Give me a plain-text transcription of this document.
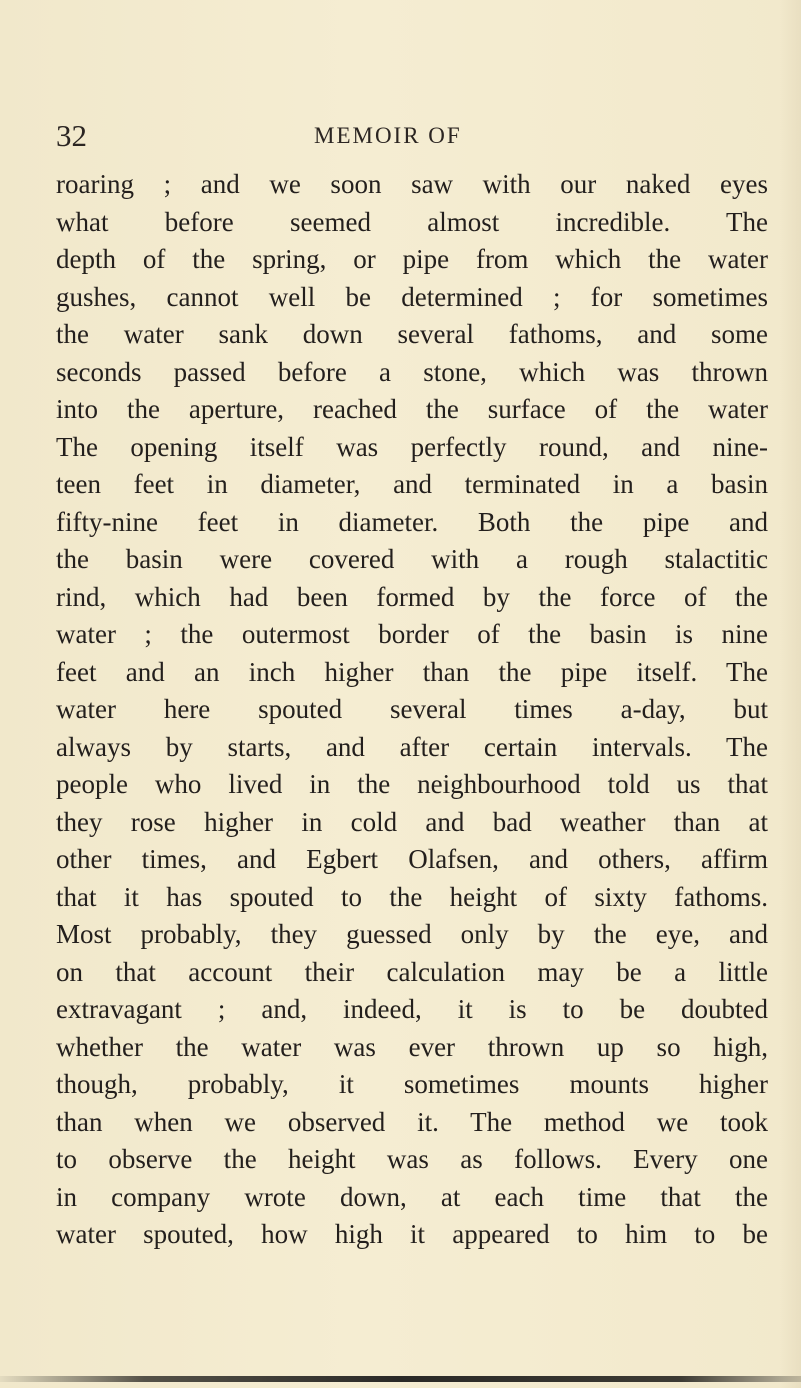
32	MEMOIR OF
roaring ; and we soon saw with our naked eyes
what before seemed almost incredible. The
depth of the spring, or pipe from which the water
gushes, cannot well be determined ; for sometimes
the water sank down several fathoms, and some
seconds passed before a stone, which was thrown
into the aperture, reached the surface of the water
The opening itself was perfectly round, and nine-
teen feet in diameter, and terminated in a basin
fifty-nine feet in diameter. Both the pipe and
the basin were covered with a rough stalactitic
rind, which had been formed by the force of the
water ; the outermost border of the basin is nine
feet and an inch higher than the pipe itself. The
water here spouted several times a-day, but
always by starts, and after certain intervals. The
people who lived in the neighbourhood told us that
they rose higher in cold and bad weather than at
other times, and Egbert Olafsen, and others, affirm
that it has spouted to the height of sixty fathoms.
Most probably, they guessed only by the eye, and
on that account their calculation may be a little
extravagant ; and, indeed, it is to be doubted
whether the water was ever thrown up so high,
though, probably, it sometimes mounts higher
than when we observed it. The method we took
to observe the height was as follows. Every one
in company wrote down, at each time that the
water spouted, how high it appeared to him to be
